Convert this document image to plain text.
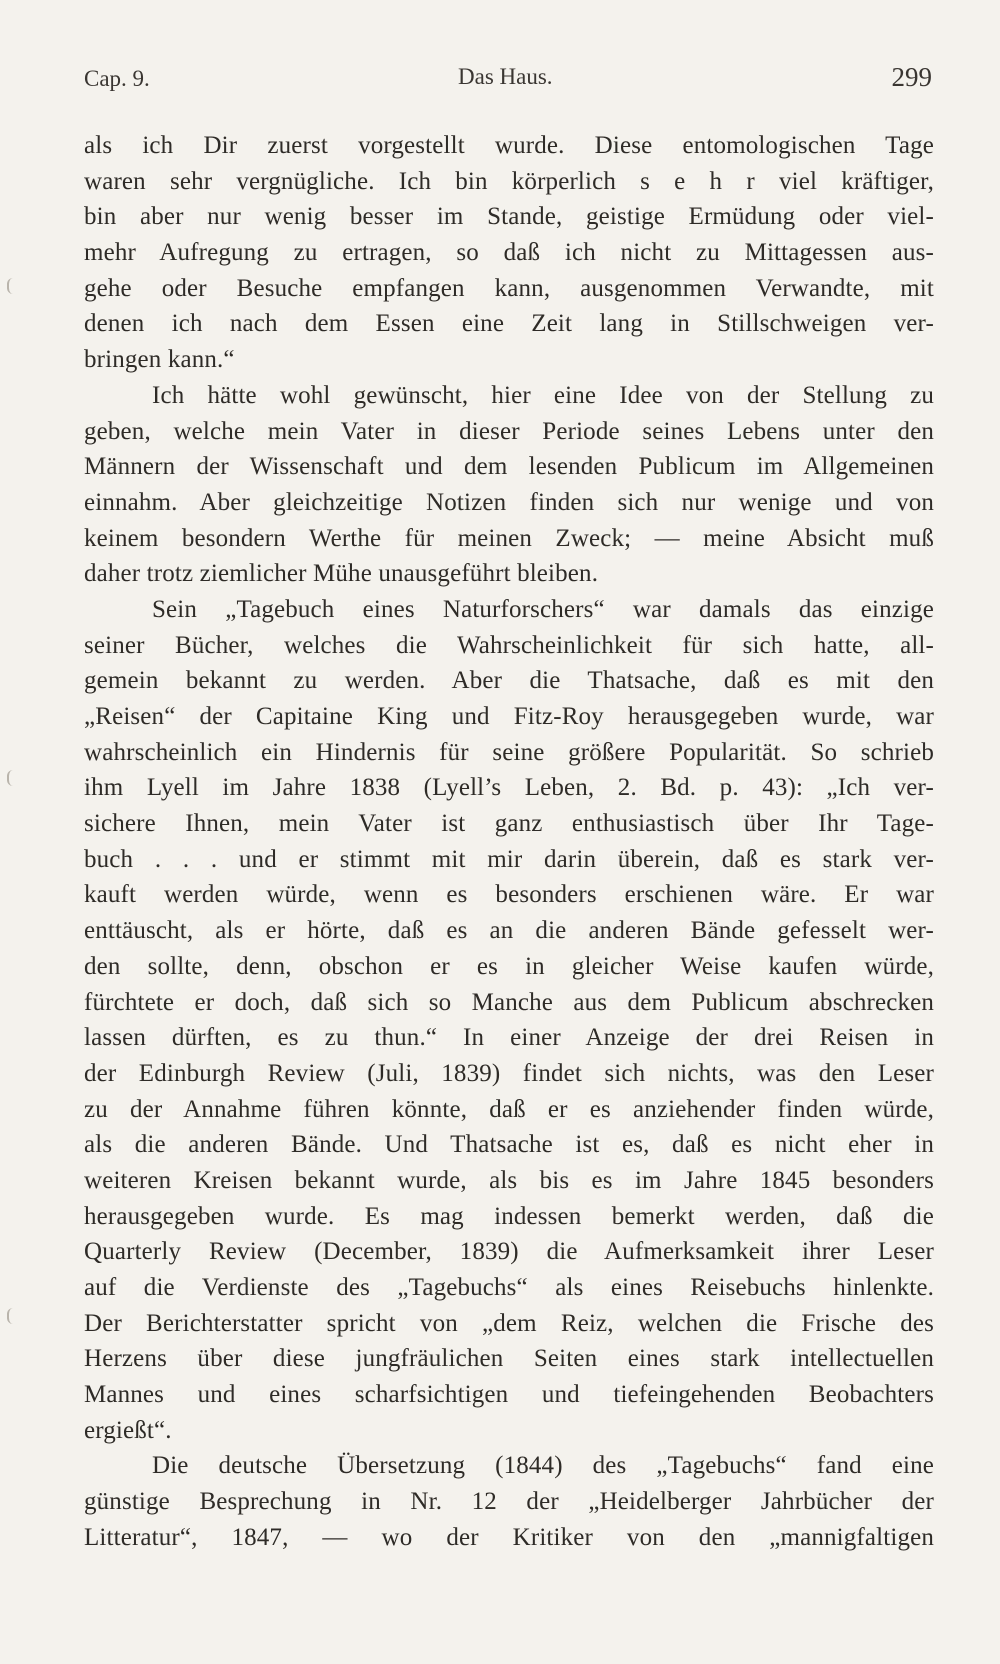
Cap. 9.	Das Haus.	299
als ich Dir zuerst vorgestellt wurde. Diese entomologischen Tage
waren sehr vergnügliche. Ich bin körperlich s e h r viel kräftiger,
bin aber nur wenig besser im Stande, geistige Ermüdung oder viel-
mehr Aufregung zu ertragen, so daß ich nicht zu Mittagessen aus-
gehe oder Besuche empfangen kann, ausgenommen Verwandte, mit
denen ich nach dem Essen eine Zeit lang in Stillschweigen ver-
bringen kann.“
Ich hätte wohl gewünscht, hier eine Idee von der Stellung zu
geben, welche mein Vater in dieser Periode seines Lebens unter den
Männern der Wissenschaft und dem lesenden Publicum im Allgemeinen
einnahm. Aber gleichzeitige Notizen finden sich nur wenige und von
keinem besondern Werthe für meinen Zweck; — meine Absicht muß
daher trotz ziemlicher Mühe unausgeführt bleiben.
Sein „Tagebuch eines Naturforschers“ war damals das einzige
seiner Bücher, welches die Wahrscheinlichkeit für sich hatte, all-
gemein bekannt zu werden. Aber die Thatsache, daß es mit den
„Reisen“ der Capitaine King und Fitz-Roy herausgegeben wurde, war
wahrscheinlich ein Hindernis für seine größere Popularität. So schrieb
ihm Lyell im Jahre 1838 (Lyell’s Leben, 2. Bd. p. 43): „Ich ver-
sichere Ihnen, mein Vater ist ganz enthusiastisch über Ihr Tage-
buch . . . und er stimmt mit mir darin überein, daß es stark ver-
kauft werden würde, wenn es besonders erschienen wäre. Er war
enttäuscht, als er hörte, daß es an die anderen Bände gefesselt wer-
den sollte, denn, obschon er es in gleicher Weise kaufen würde,
fürchtete er doch, daß sich so Manche aus dem Publicum abschrecken
lassen dürften, es zu thun.“ In einer Anzeige der drei Reisen in
der Edinburgh Review (Juli, 1839) findet sich nichts, was den Leser
zu der Annahme führen könnte, daß er es anziehender finden würde,
als die anderen Bände. Und Thatsache ist es, daß es nicht eher in
weiteren Kreisen bekannt wurde, als bis es im Jahre 1845 besonders
herausgegeben wurde. Es mag indessen bemerkt werden, daß die
Quarterly Review (December, 1839) die Aufmerksamkeit ihrer Leser
auf die Verdienste des „Tagebuchs“ als eines Reisebuchs hinlenkte.
Der Berichterstatter spricht von „dem Reiz, welchen die Frische des
Herzens über diese jungfräulichen Seiten eines stark intellectuellen
Mannes und eines scharfsichtigen und tiefeingehenden Beobachters
ergießt“.
Die deutsche Übersetzung (1844) des „Tagebuchs“ fand eine
günstige Besprechung in Nr. 12 der „Heidelberger Jahrbücher der
Litteratur“, 1847, — wo der Kritiker von den „mannigfaltigen
